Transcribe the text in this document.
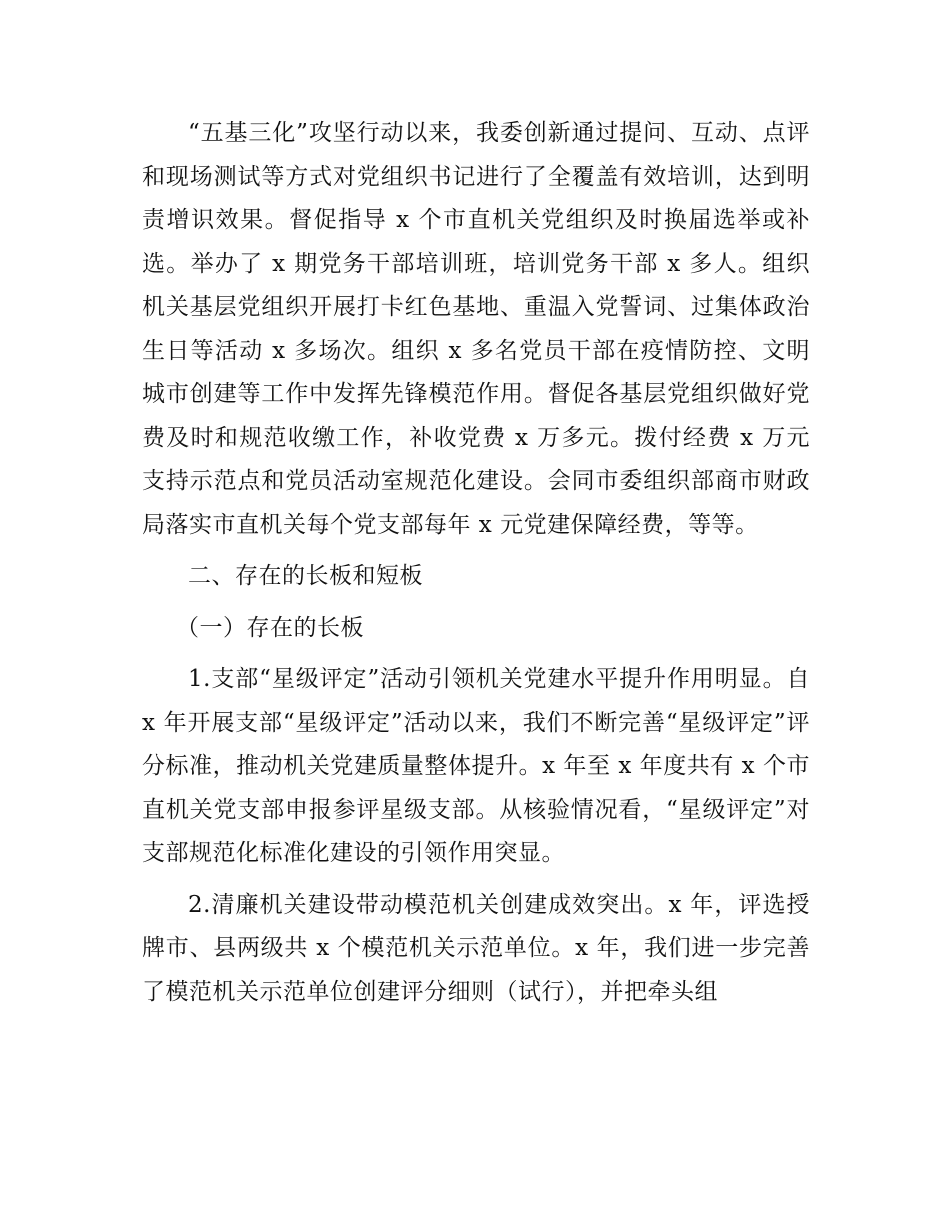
“五基三化”攻坚行动以来，我委创新通过提问、互动、点评和现场测试等方式对党组织书记进行了全覆盖有效培训，达到明责增识效果。督促指导 x 个市直机关党组织及时换届选举或补选。举办了 x 期党务干部培训班，培训党务干部 x 多人。组织机关基层党组织开展打卡红色基地、重温入党誓词、过集体政治生日等活动 x 多场次。组织 x 多名党员干部在疫情防控、文明城市创建等工作中发挥先锋模范作用。督促各基层党组织做好党费及时和规范收缴工作，补收党费 x 万多元。拨付经费 x 万元支持示范点和党员活动室规范化建设。会同市委组织部商市财政局落实市直机关每个党支部每年 x 元党建保障经费，等等。

二、存在的长板和短板

（一）存在的长板

1.支部“星级评定”活动引领机关党建水平提升作用明显。自 x 年开展支部“星级评定”活动以来，我们不断完善“星级评定”评分标准，推动机关党建质量整体提升。x 年至 x 年度共有 x 个市直机关党支部申报参评星级支部。从核验情况看，“星级评定”对支部规范化标准化建设的引领作用突显。

2.清廉机关建设带动模范机关创建成效突出。x 年，评选授牌市、县两级共 x 个模范机关示范单位。x 年，我们进一步完善了模范机关示范单位创建评分细则（试行），并把牵头组
